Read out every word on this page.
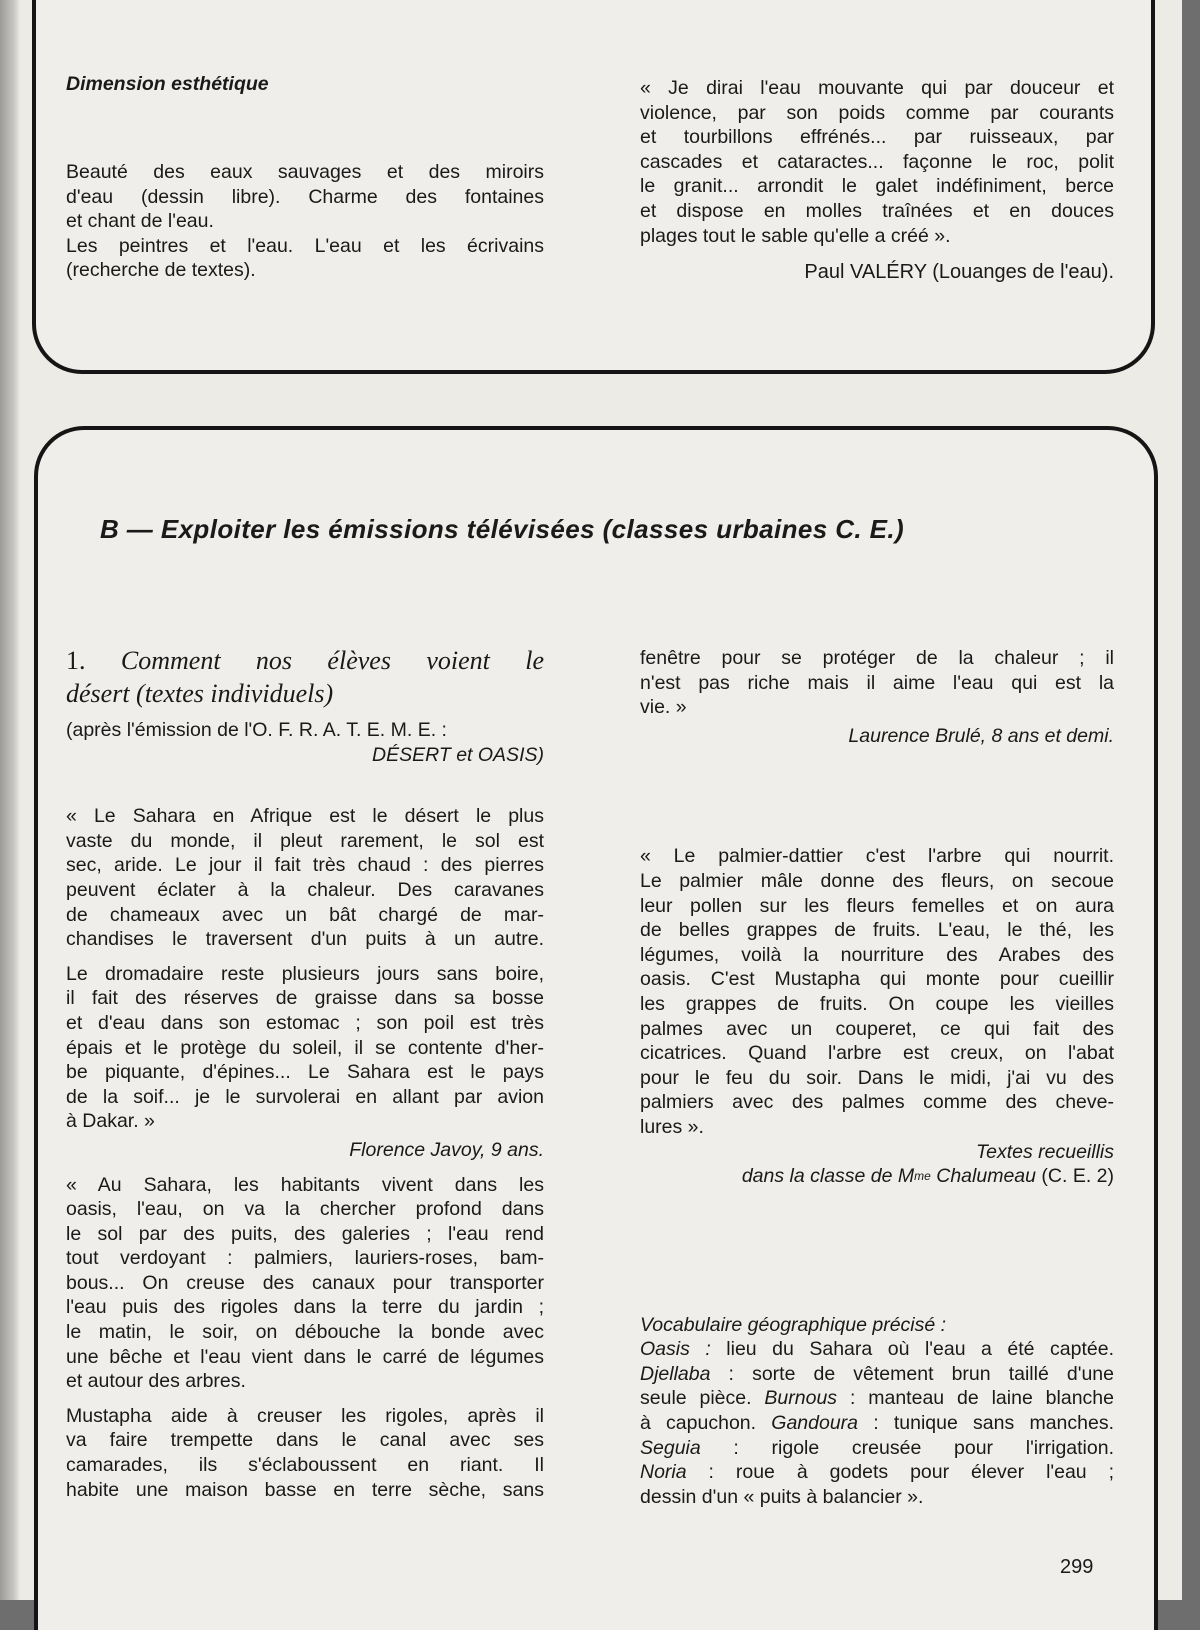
Dimension esthétique
Beauté des eaux sauvages et des miroirs
d'eau (dessin libre). Charme des fontaines
et chant de l'eau.
Les peintres et l'eau. L'eau et les écrivains
(recherche de textes).
« Je dirai l'eau mouvante qui par douceur et
violence, par son poids comme par courants
et tourbillons effrénés... par ruisseaux, par
cascades et cataractes... façonne le roc, polit
le granit... arrondit le galet indéfiniment, berce
et dispose en molles traînées et en douces
plages tout le sable qu'elle a créé ».
Paul VALÉRY (Louanges de l'eau).
B — Exploiter les émissions télévisées (classes urbaines C. E.)
1. Comment nos élèves voient le
désert (textes individuels)
(après l'émission de l'O. F. R. A. T. E. M. E. :
DÉSERT et OASIS)
« Le Sahara en Afrique est le désert le plus
vaste du monde, il pleut rarement, le sol est
sec, aride. Le jour il fait très chaud : des pierres
peuvent éclater à la chaleur. Des caravanes
de chameaux avec un bât chargé de mar-
chandises le traversent d'un puits à un autre.
Le dromadaire reste plusieurs jours sans boire,
il fait des réserves de graisse dans sa bosse
et d'eau dans son estomac ; son poil est très
épais et le protège du soleil, il se contente d'her-
be piquante, d'épines... Le Sahara est le pays
de la soif... je le survolerai en allant par avion
à Dakar. »
Florence Javoy, 9 ans.
« Au Sahara, les habitants vivent dans les
oasis, l'eau, on va la chercher profond dans
le sol par des puits, des galeries ; l'eau rend
tout verdoyant : palmiers, lauriers-roses, bam-
bous... On creuse des canaux pour transporter
l'eau puis des rigoles dans la terre du jardin ;
le matin, le soir, on débouche la bonde avec
une bêche et l'eau vient dans le carré de légumes
et autour des arbres.
Mustapha aide à creuser les rigoles, après il
va faire trempette dans le canal avec ses
camarades, ils s'éclaboussent en riant. Il
habite une maison basse en terre sèche, sans
fenêtre pour se protéger de la chaleur ; il
n'est pas riche mais il aime l'eau qui est la
vie. »
Laurence Brulé, 8 ans et demi.
« Le palmier-dattier c'est l'arbre qui nourrit.
Le palmier mâle donne des fleurs, on secoue
leur pollen sur les fleurs femelles et on aura
de belles grappes de fruits. L'eau, le thé, les
légumes, voilà la nourriture des Arabes des
oasis. C'est Mustapha qui monte pour cueillir
les grappes de fruits. On coupe les vieilles
palmes avec un couperet, ce qui fait des
cicatrices. Quand l'arbre est creux, on l'abat
pour le feu du soir. Dans le midi, j'ai vu des
palmiers avec des palmes comme des cheve-
lures ».
Textes recueillis
dans la classe de $M^{me}$ Chalumeau (C. E. 2)
Vocabulaire géographique précisé :
Oasis : lieu du Sahara où l'eau a été captée.
Djellaba : sorte de vêtement brun taillé d'une
seule pièce. Burnous : manteau de laine blanche
à capuchon. Gandoura : tunique sans manches.
Seguia : rigole creusée pour l'irrigation.
Noria : roue à godets pour élever l'eau ;
dessin d'un « puits à balancier ».
299
